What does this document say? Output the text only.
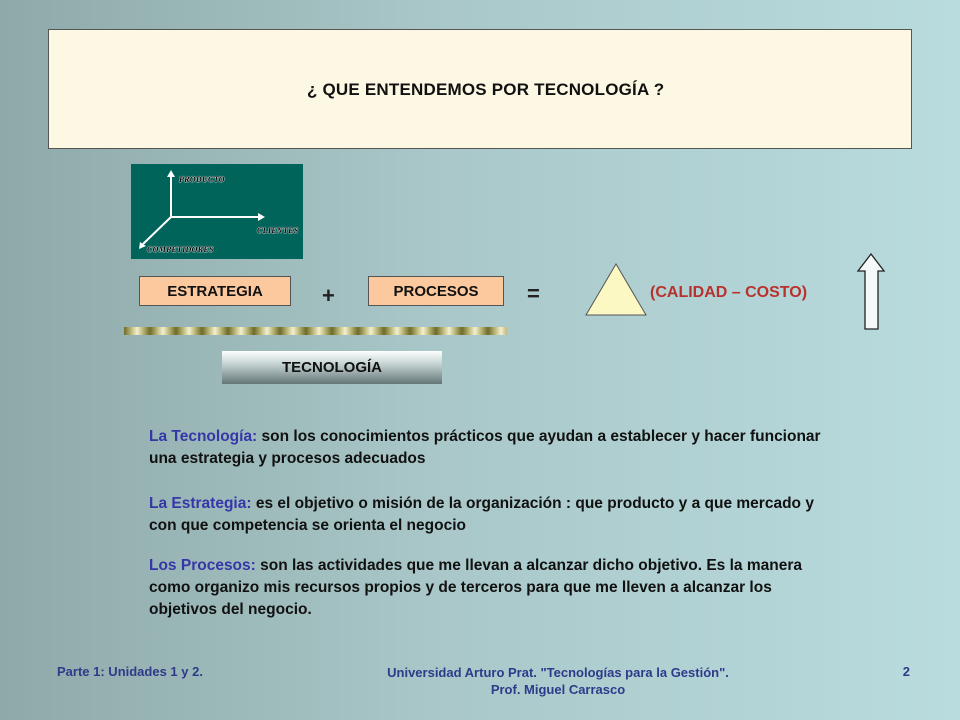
¿ QUE ENTENDEMOS POR TECNOLOGÍA ?
PRODUCTO
CLIENTES
COMPETIDORES
ESTRATEGIA	+	PROCESOS	=	(CALIDAD – COSTO)
TECNOLOGÍA

La Tecnología: son los conocimientos prácticos que ayudan a establecer y hacer funcionar una estrategia y procesos adecuados

La Estrategia: es el objetivo o misión de la organización : que producto y a que mercado y con que competencia se orienta el negocio

Los Procesos: son las actividades que me llevan a alcanzar dicho objetivo. Es la manera como organizo mis recursos propios y de terceros para que me lleven a alcanzar los objetivos del negocio.

Parte 1: Unidades 1 y 2.	Universidad Arturo Prat. "Tecnologías para la Gestión". Prof. Miguel Carrasco
2
